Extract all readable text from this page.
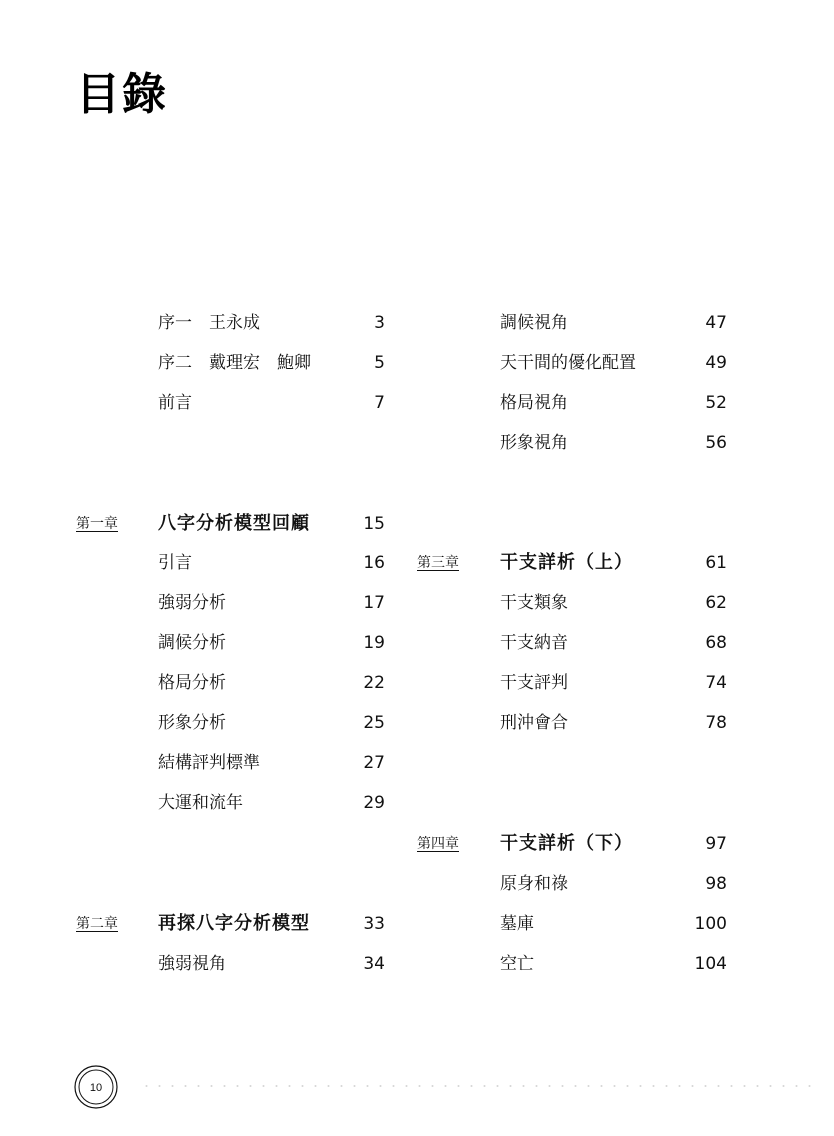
目錄
序一　王永成	3
序二　戴理宏　鮑卿	5
前言	7
第一章 八字分析模型回顧	15
引言	16
強弱分析	17
調候分析	19
格局分析	22
形象分析	25
結構評判標準	27
大運和流年	29
第二章 再探八字分析模型	33
強弱視角	34
調候視角	47
天干間的優化配置	49
格局視角	52
形象視角	56
第三章 干支詳析（上）	61
干支類象	62
干支納音	68
干支評判	74
刑沖會合	78
第四章 干支詳析（下）	97
原身和祿	98
墓庫	100
空亡	104
10
